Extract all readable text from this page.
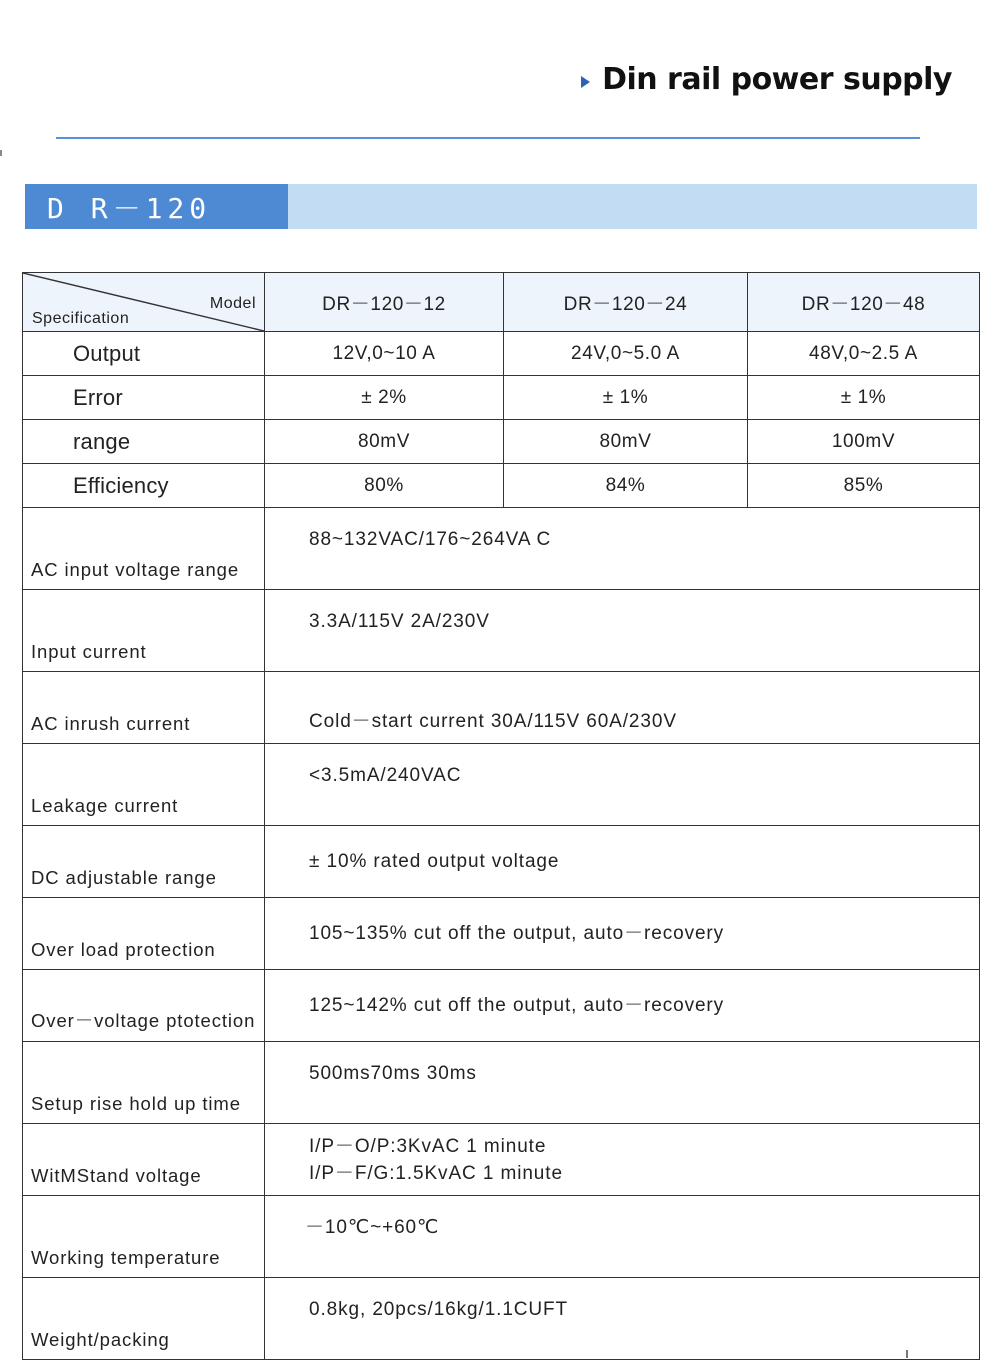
Din rail power supply
D R－120
Model
Specification	DR－120－12	DR－120－24	DR－120－48
Output	12V,0~10 A	24V,0~5.0 A	48V,0~2.5 A
Error	± 2%	± 1%	± 1%
range	80mV	80mV	100mV
Efficiency	80%	84%	85%
AC input voltage range	88~132VAC/176~264VA C		

Input current	3.3A/115V 2A/230V		

AC inrush current	Cold－start current 30A/115V 60A/230V		

Leakage current	<3.5mA/240VAC		

DC adjustable range	± 10% rated output voltage		

Over load protection	105~135% cut off the output, auto－recovery		

Over－voltage ptotection	125~142% cut off the output, auto－recovery		

Setup rise hold up time	500ms70ms 30ms		

WitMStand voltage	I/P－O/P:3KvAC 1 minute
I/P－F/G:1.5KvAC 1 minute		

Working temperature	－10℃~+60℃		

Weight/packing	0.8kg, 20pcs/16kg/1.1CUFT		
